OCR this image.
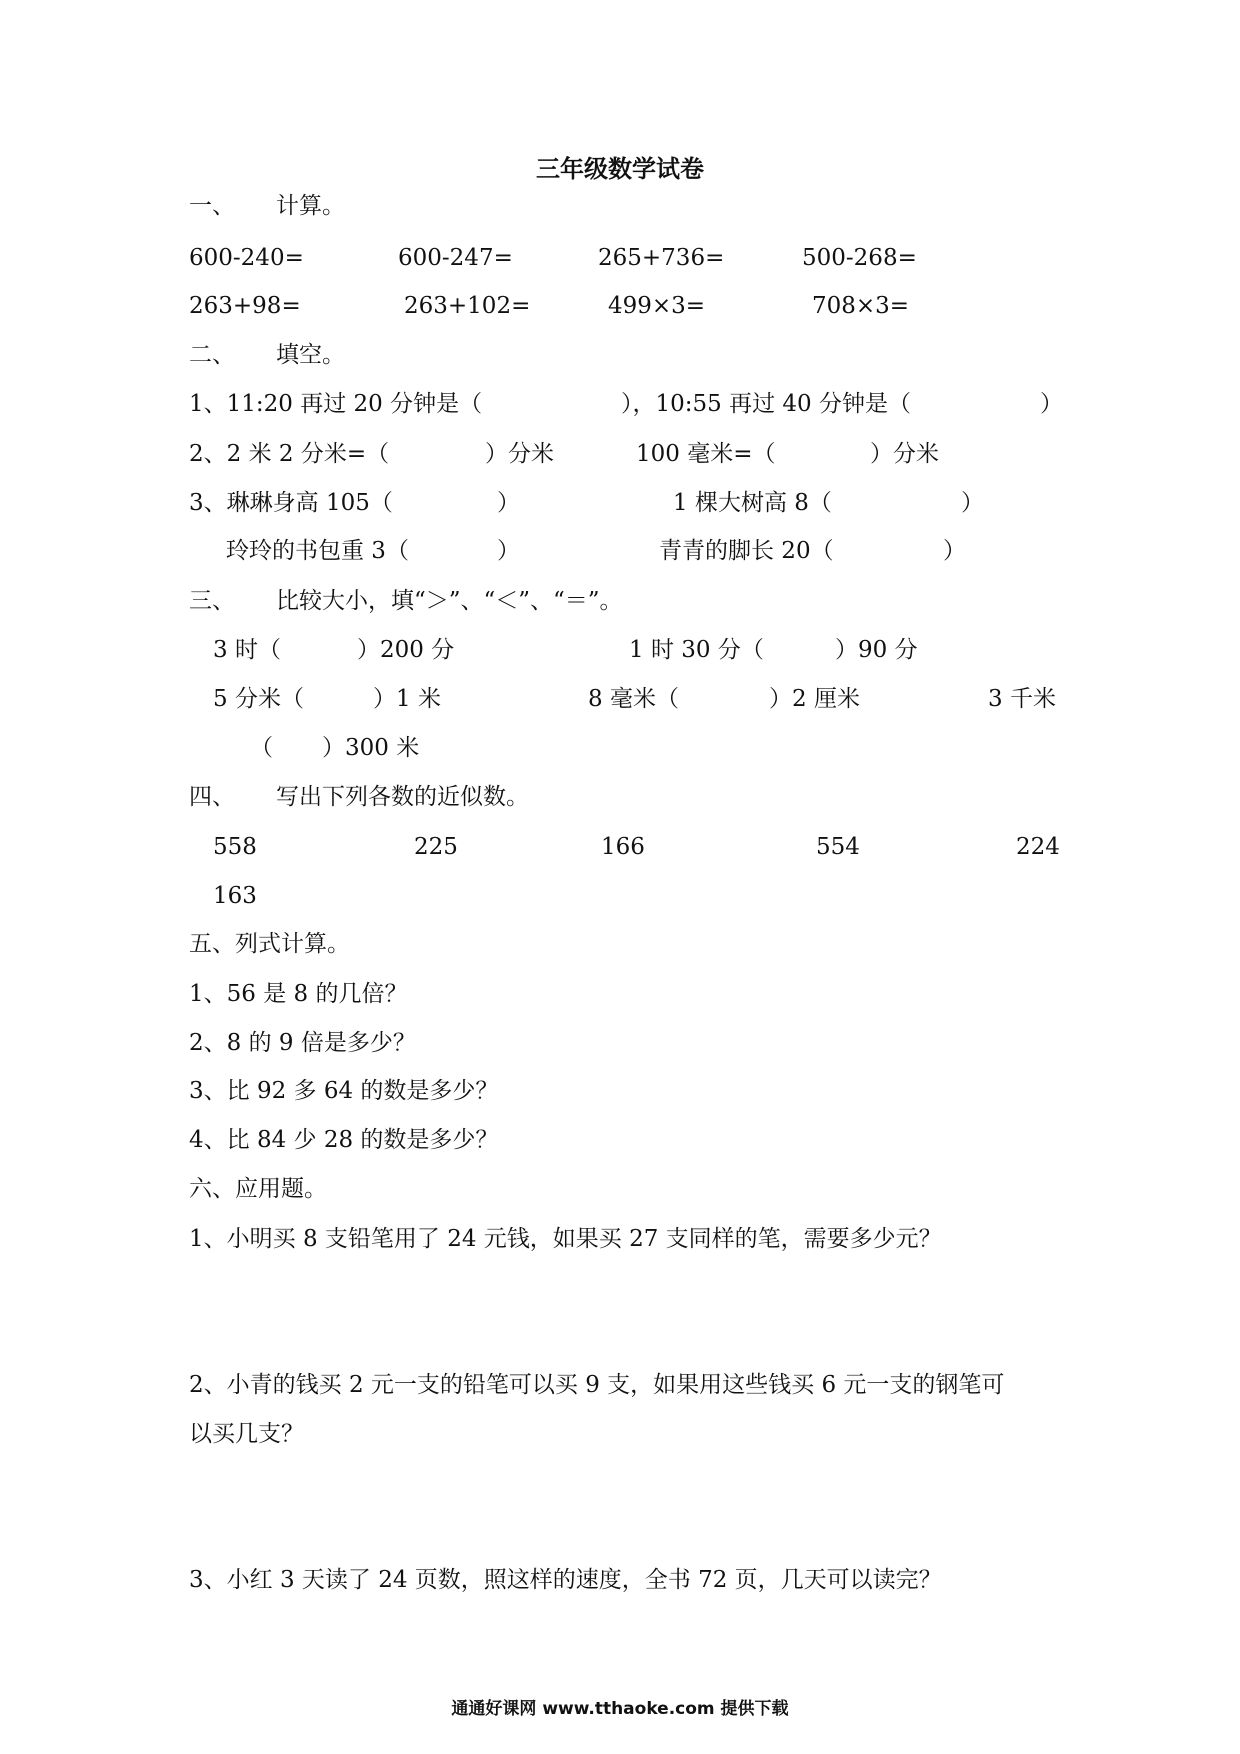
三年级数学试卷
一、 计算。
600-240=	600-247=	265+736=	500-268=
263+98=	263+102=	499×3=	708×3=
二、 填空。
1、11:20 再过 20 分钟是（	），10:55 再过 40 分钟是（	）
2、2 米 2 分米=（	）分米	100 毫米=（	）分米
3、琳琳身高 105（	）	1 棵大树高 8（	）
玲玲的书包重 3（	）	青青的脚长 20（	）
三、 比较大小，填“＞”、“＜”、“＝”。
3 时（	）200 分	1 时 30 分（	）90 分
5 分米（	）1 米	8 毫米（	）2 厘米	3 千米
（ ）300 米
四、 写出下列各数的近似数。
558	225	166	554	224
163
五、列式计算。
1、56 是 8 的几倍？
2、8 的 9 倍是多少？
3、比 92 多 64 的数是多少？
4、比 84 少 28 的数是多少？
六、应用题。
1、小明买 8 支铅笔用了 24 元钱，如果买 27 支同样的笔，需要多少元？
2、小青的钱买 2 元一支的铅笔可以买 9 支，如果用这些钱买 6 元一支的钢笔可
以买几支？
3、小红 3 天读了 24 页数，照这样的速度，全书 72 页，几天可以读完？
通通好课网 www.tthaoke.com 提供下载
